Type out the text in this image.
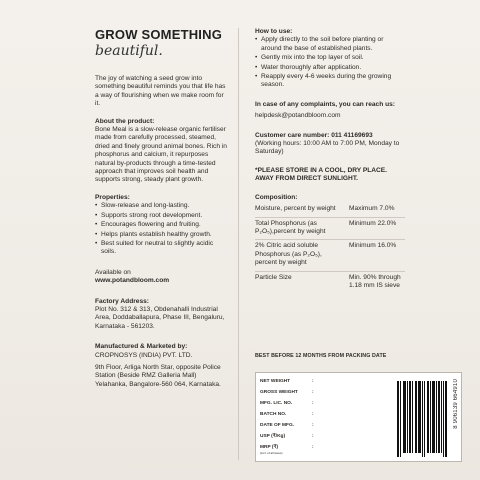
GROW SOMETHING
beautiful.
The joy of watching a seed grow into something beautiful reminds you that life has a way of flourishing when we make room for it.
About the product:
Bone Meal is a slow-release organic fertiliser made from carefully processed, steamed, dried and finely ground animal bones. Rich in phosphorus and calcium, it repurposes natural by-products through a time-tested approach that improves soil health and supports strong, steady plant growth.
Properties:
• Slow-release and long-lasting.
• Supports strong root development.
• Encourages flowering and fruiting.
• Helps plants establish healthy growth.
• Best suited for neutral to slightly acidic soils.
Available on
www.potandbloom.com
Factory Address:
Plot No. 312 & 313, Obdenahalli Industrial Area, Doddaballapura, Phase III, Bengaluru, Karnataka - 561203.
Manufactured & Marketed by:
CROPNOSYS (INDIA) PVT. LTD.
9th Floor, Arliga North Star, opposite Police Station (Beside RMZ Galleria Mall) Yelahanka, Bangalore-560 064, Karnataka.
How to use:
• Apply directly to the soil before planting or around the base of established plants.
• Gently mix into the top layer of soil.
• Water thoroughly after application.
• Reapply every 4-6 weeks during the growing season.
In case of any complaints, you can reach us:
helpdesk@potandbloom.com
Customer care number: 011 41169693
(Working hours: 10:00 AM to 7:00 PM, Monday to Saturday)
*PLEASE STORE IN A COOL, DRY PLACE. AWAY FROM DIRECT SUNLIGHT.
Composition:
Moisture, percent by weight	Maximum 7.0%
Total Phosphorus (as P₂O₅),percent by weight	Minimum 22.0%
2% Citric acid soluble Phosphorus (as P₂O₅), percent by weight	Minimum 16.0%
Particle Size	Min. 90% through 1.18 mm IS sieve
BEST BEFORE 12 MONTHS FROM PACKING DATE
NET WEIGHT	:
GROSS WEIGHT	:
MFG. LIC. NO.	:
BATCH NO.	:
DATE OF MFG.	:
USP (₹/Kg)	:
MRP (₹)	:
(incl. of all taxes)
8 906139 664910
